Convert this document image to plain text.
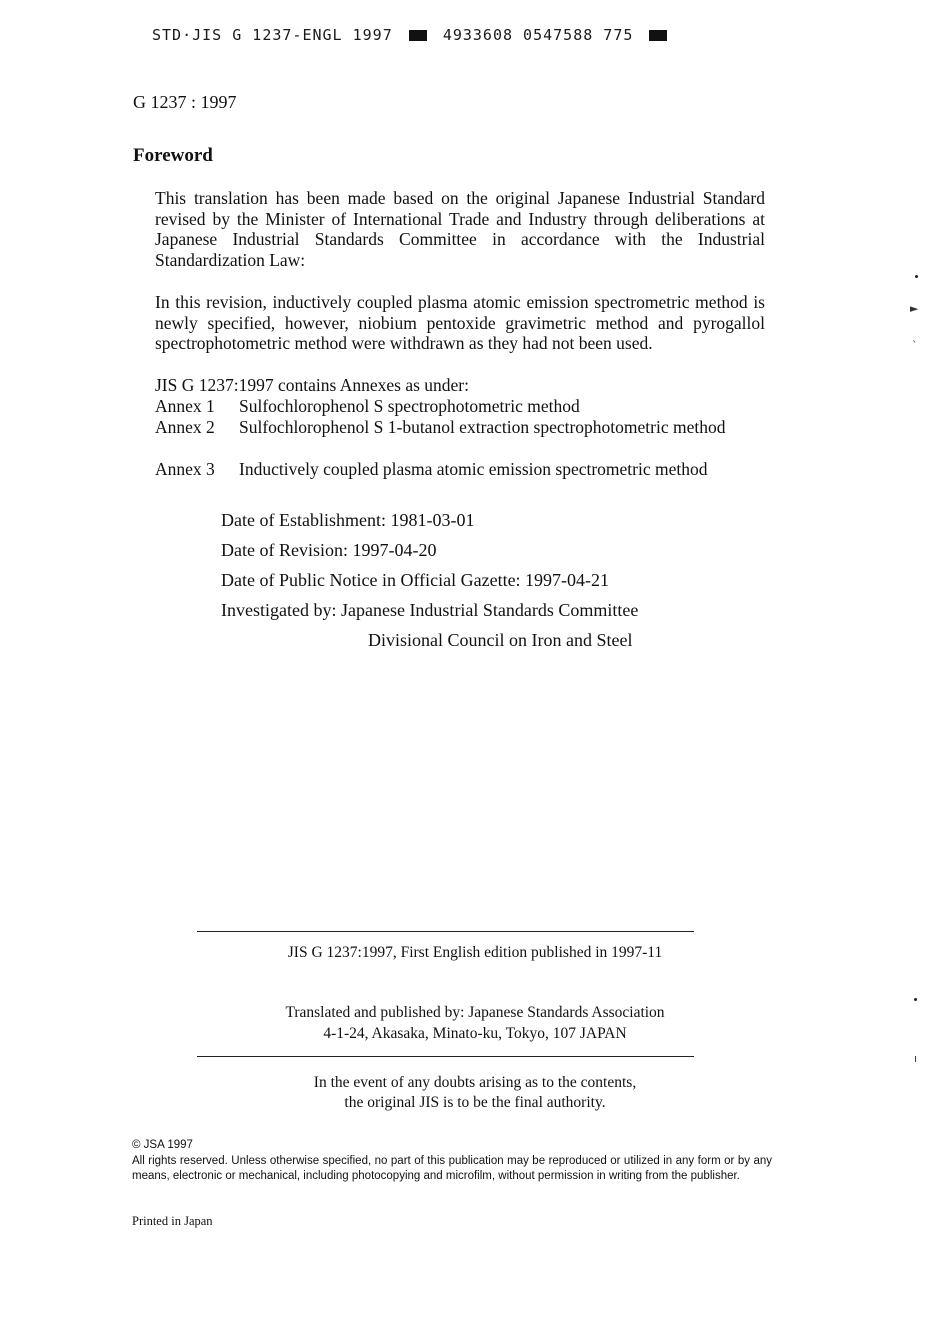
STD·JIS G 1237-ENGL 1997	4933608 0547588 775
G 1237 : 1997
Foreword
This translation has been made based on the original Japanese Industrial Standard revised by the Minister of International Trade and Industry through deliberations at Japanese Industrial Standards Committee in accordance with the Industrial Standardization Law:
In this revision, inductively coupled plasma atomic emission spectrometric method is newly specified, however, niobium pentoxide gravimetric method and pyrogallol spectrophotometric method were withdrawn as they had not been used.
JIS G 1237:1997 contains Annexes as under:
Annex 1 Sulfochlorophenol S spectrophotometric method
Annex 2 Sulfochlorophenol S 1-butanol extraction spectrophotometric method
Annex 3 Inductively coupled plasma atomic emission spectrometric method
Date of Establishment: 1981-03-01
Date of Revision: 1997-04-20
Date of Public Notice in Official Gazette: 1997-04-21
Investigated by: Japanese Industrial Standards Committee
Divisional Council on Iron and Steel
JIS G 1237:1997, First English edition published in 1997-11
Translated and published by: Japanese Standards Association
4-1-24, Akasaka, Minato-ku, Tokyo, 107 JAPAN
In the event of any doubts arising as to the contents,
the original JIS is to be the final authority.
© JSA 1997
All rights reserved. Unless otherwise specified, no part of this publication may be reproduced or utilized in any form or by any means, electronic or mechanical, including photocopying and microfilm, without permission in writing from the publisher.
Printed in Japan
►
ˎ
ı
